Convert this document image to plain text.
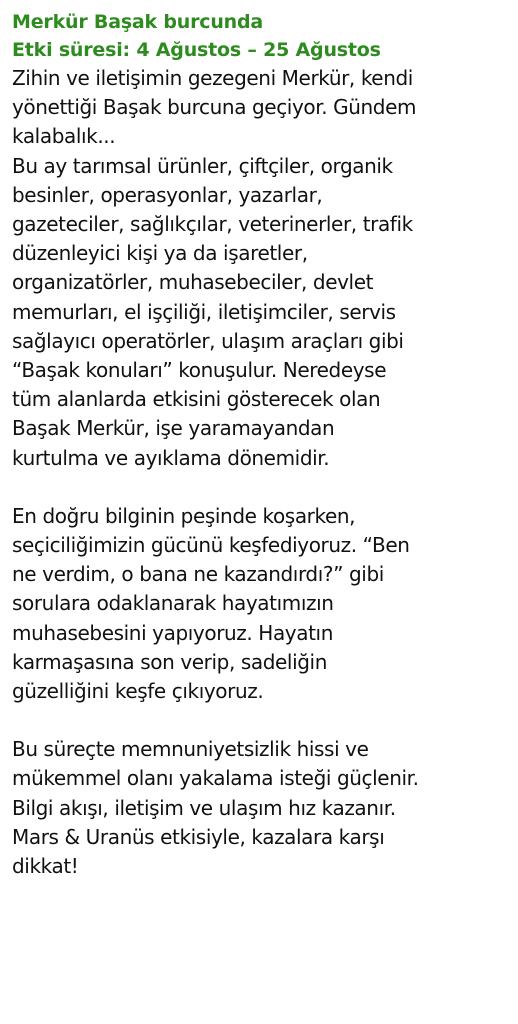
Merkür Başak burcunda
Etki süresi: 4 Ağustos – 25 Ağustos
Zihin ve iletişimin gezegeni Merkür, kendi
yönettiği Başak burcuna geçiyor. Gündem
kalabalık...
Bu ay tarımsal ürünler, çiftçiler, organik
besinler, operasyonlar, yazarlar,
gazeteciler, sağlıkçılar, veterinerler, trafik
düzenleyici kişi ya da işaretler,
organizatörler, muhasebeciler, devlet
memurları, el işçiliği, iletişimciler, servis
sağlayıcı operatörler, ulaşım araçları gibi
“Başak konuları” konuşulur. Neredeyse
tüm alanlarda etkisini gösterecek olan
Başak Merkür, işe yaramayandan
kurtulma ve ayıklama dönemidir.
En doğru bilginin peşinde koşarken,
seçiciliğimizin gücünü keşfediyoruz. “Ben
ne verdim, o bana ne kazandırdı?” gibi
sorulara odaklanarak hayatımızın
muhasebesini yapıyoruz. Hayatın
karmaşasına son verip, sadeliğin
güzelliğini keşfe çıkıyoruz.
Bu süreçte memnuniyetsizlik hissi ve
mükemmel olanı yakalama isteği güçlenir.
Bilgi akışı, iletişim ve ulaşım hız kazanır.
Mars & Uranüs etkisiyle, kazalara karşı
dikkat!
